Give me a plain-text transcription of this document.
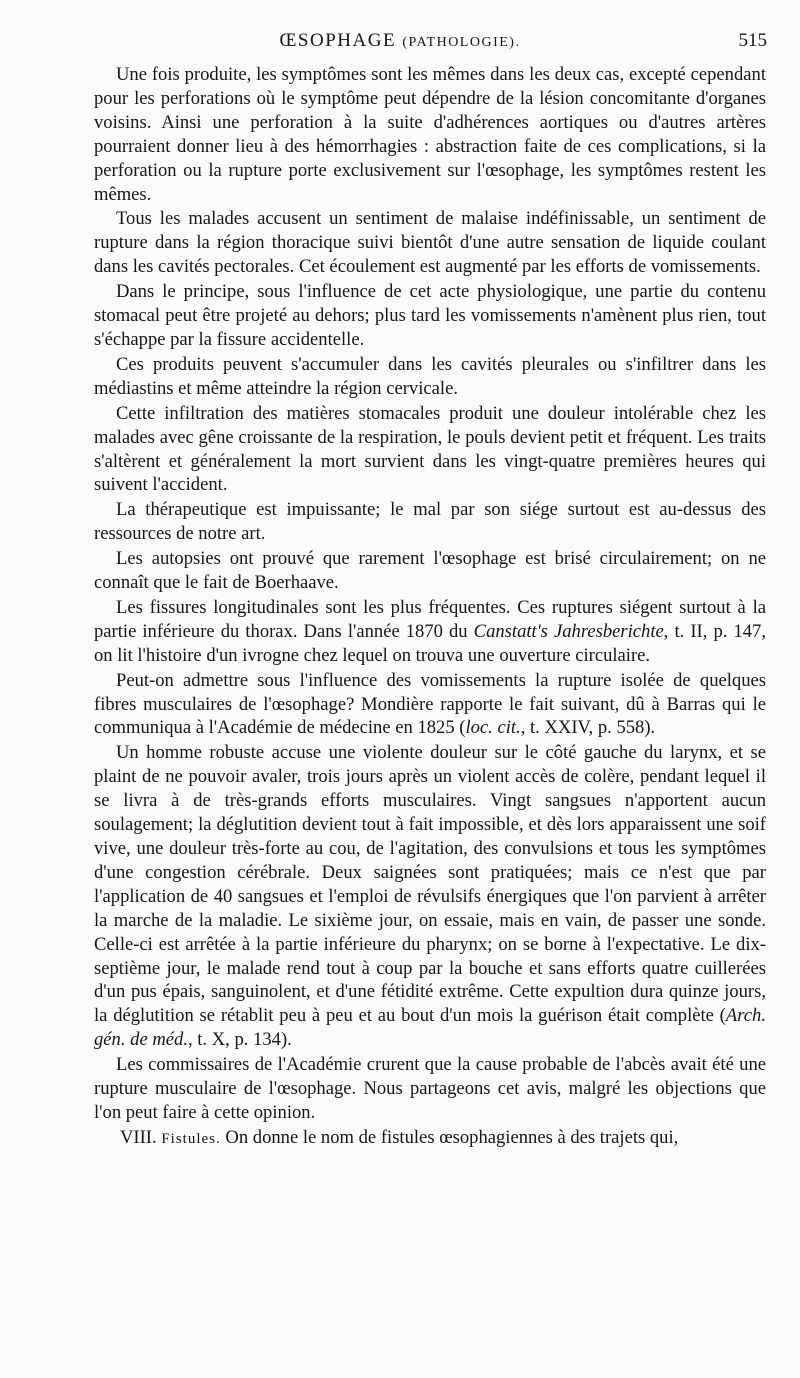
ŒSOPHAGE (PATHOLOGIE).	515

Une fois produite, les symptômes sont les mêmes dans les deux cas, excepté cependant pour les perforations où le symptôme peut dépendre de la lésion concomitante d'organes voisins. Ainsi une perforation à la suite d'adhérences aortiques ou d'autres artères pourraient donner lieu à des hémorrhagies : abstraction faite de ces complications, si la perforation ou la rupture porte exclusivement sur l'œsophage, les symptômes restent les mêmes.

Tous les malades accusent un sentiment de malaise indéfinissable, un sentiment de rupture dans la région thoracique suivi bientôt d'une autre sensation de liquide coulant dans les cavités pectorales. Cet écoulement est augmenté par les efforts de vomissements.

Dans le principe, sous l'influence de cet acte physiologique, une partie du contenu stomacal peut être projeté au dehors; plus tard les vomissements n'amènent plus rien, tout s'échappe par la fissure accidentelle.

Ces produits peuvent s'accumuler dans les cavités pleurales ou s'infiltrer dans les médiastins et même atteindre la région cervicale.

Cette infiltration des matières stomacales produit une douleur intolérable chez les malades avec gêne croissante de la respiration, le pouls devient petit et fréquent. Les traits s'altèrent et généralement la mort survient dans les vingt-quatre premières heures qui suivent l'accident.

La thérapeutique est impuissante; le mal par son siége surtout est au-dessus des ressources de notre art.

Les autopsies ont prouvé que rarement l'œsophage est brisé circulairement; on ne connaît que le fait de Boerhaave.

Les fissures longitudinales sont les plus fréquentes. Ces ruptures siégent surtout à la partie inférieure du thorax. Dans l'année 1870 du Canstatt's Jahresberichte, t. II, p. 147, on lit l'histoire d'un ivrogne chez lequel on trouva une ouverture circulaire.

Peut-on admettre sous l'influence des vomissements la rupture isolée de quelques fibres musculaires de l'œsophage? Mondière rapporte le fait suivant, dû à Barras qui le communiqua à l'Académie de médecine en 1825 (loc. cit., t. XXIV, p. 558).

Un homme robuste accuse une violente douleur sur le côté gauche du larynx, et se plaint de ne pouvoir avaler, trois jours après un violent accès de colère, pendant lequel il se livra à de très-grands efforts musculaires. Vingt sangsues n'apportent aucun soulagement; la déglutition devient tout à fait impossible, et dès lors apparaissent une soif vive, une douleur très-forte au cou, de l'agitation, des convulsions et tous les symptômes d'une congestion cérébrale. Deux saignées sont pratiquées; mais ce n'est que par l'application de 40 sangsues et l'emploi de révulsifs énergiques que l'on parvient à arrêter la marche de la maladie. Le sixième jour, on essaie, mais en vain, de passer une sonde. Celle-ci est arrêtée à la partie inférieure du pharynx; on se borne à l'expectative. Le dix-septième jour, le malade rend tout à coup par la bouche et sans efforts quatre cuillerées d'un pus épais, sanguinolent, et d'une fétidité extrême. Cette expultion dura quinze jours, la déglutition se rétablit peu à peu et au bout d'un mois la guérison était complète (Arch. gén. de méd., t. X, p. 134).

Les commissaires de l'Académie crurent que la cause probable de l'abcès avait été une rupture musculaire de l'œsophage. Nous partageons cet avis, malgré les objections que l'on peut faire à cette opinion.

VIII. Fistules. On donne le nom de fistules œsophagiennes à des trajets qui,
